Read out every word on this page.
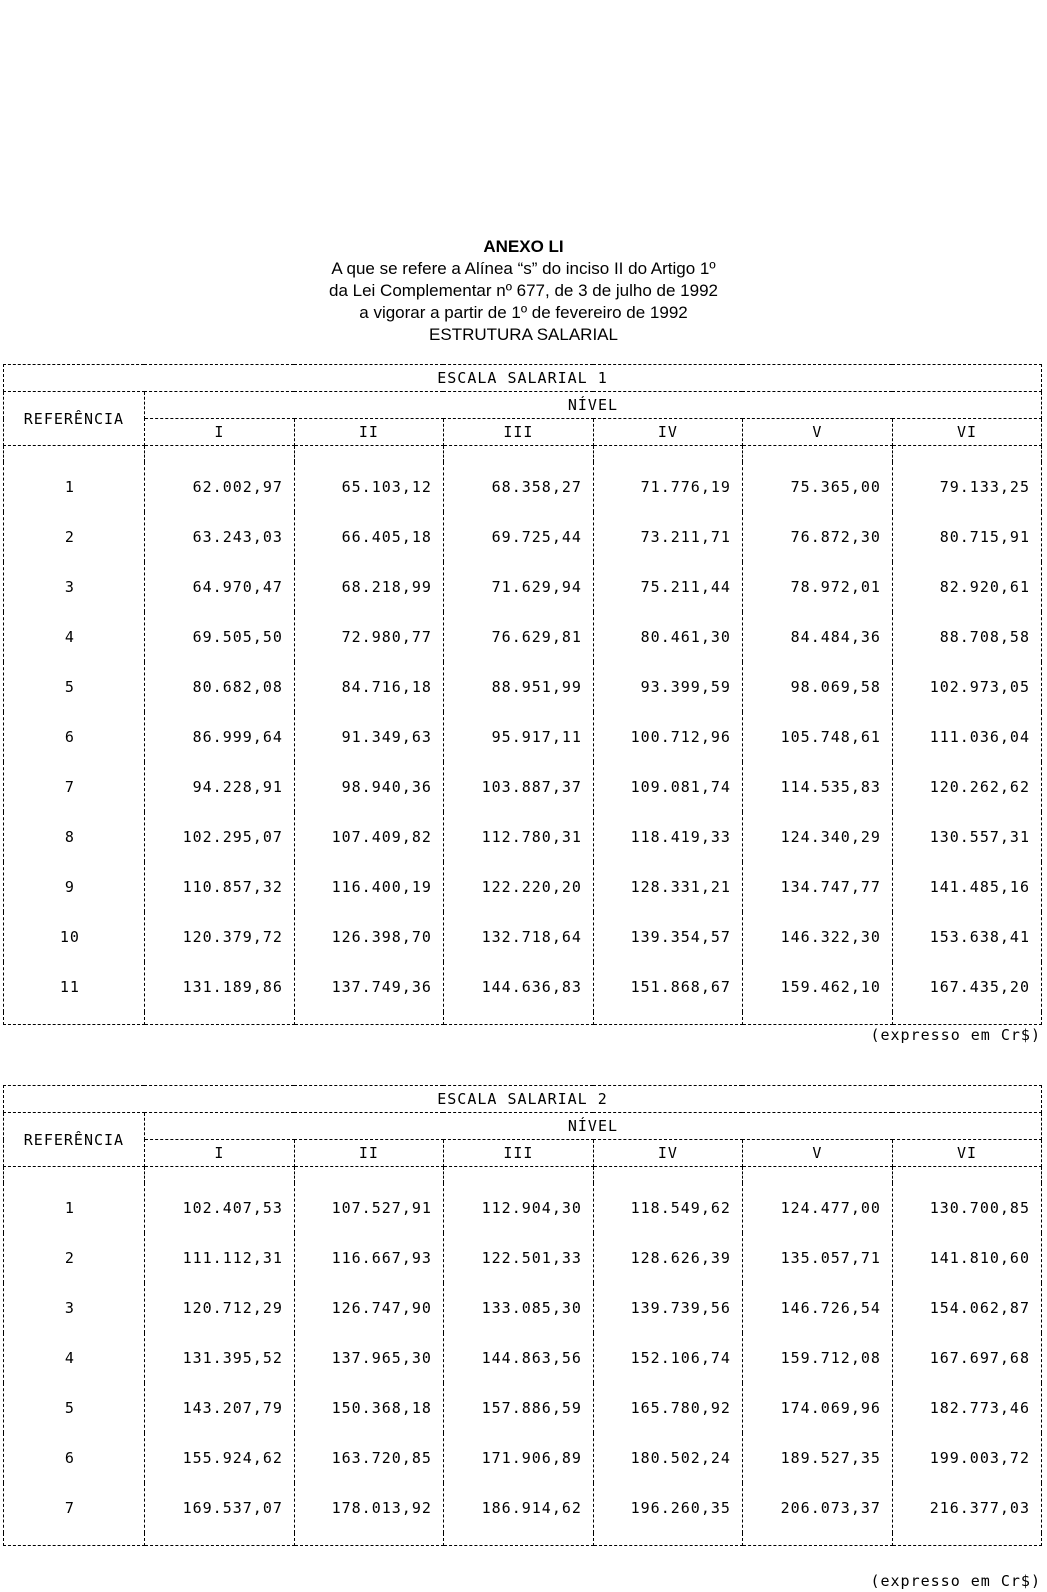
ANEXO LI
A que se refere a Alínea “s” do inciso II do Artigo 1º
da Lei Complementar nº 677, de 3 de julho de 1992
a vigorar a partir de 1º de fevereiro de 1992
ESTRUTURA SALARIAL
ESCALA SALARIAL 1						
REFERÊNCIA	NÍVEL					
	I	II	III	IV	V	VI

1	62.002,97	65.103,12	68.358,27	71.776,19	75.365,00	79.133,25
2	63.243,03	66.405,18	69.725,44	73.211,71	76.872,30	80.715,91
3	64.970,47	68.218,99	71.629,94	75.211,44	78.972,01	82.920,61
4	69.505,50	72.980,77	76.629,81	80.461,30	84.484,36	88.708,58
5	80.682,08	84.716,18	88.951,99	93.399,59	98.069,58	102.973,05
6	86.999,64	91.349,63	95.917,11	100.712,96	105.748,61	111.036,04
7	94.228,91	98.940,36	103.887,37	109.081,74	114.535,83	120.262,62
8	102.295,07	107.409,82	112.780,31	118.419,33	124.340,29	130.557,31
9	110.857,32	116.400,19	122.220,20	128.331,21	134.747,77	141.485,16
10	120.379,72	126.398,70	132.718,64	139.354,57	146.322,30	153.638,41
11	131.189,86	137.749,36	144.636,83	151.868,67	159.462,10	167.435,20

(expresso em Cr$)
ESCALA SALARIAL 2						
REFERÊNCIA	NÍVEL					
	I	II	III	IV	V	VI

1	102.407,53	107.527,91	112.904,30	118.549,62	124.477,00	130.700,85
2	111.112,31	116.667,93	122.501,33	128.626,39	135.057,71	141.810,60
3	120.712,29	126.747,90	133.085,30	139.739,56	146.726,54	154.062,87
4	131.395,52	137.965,30	144.863,56	152.106,74	159.712,08	167.697,68
5	143.207,79	150.368,18	157.886,59	165.780,92	174.069,96	182.773,46
6	155.924,62	163.720,85	171.906,89	180.502,24	189.527,35	199.003,72
7	169.537,07	178.013,92	186.914,62	196.260,35	206.073,37	216.377,03

(expresso em Cr$)
